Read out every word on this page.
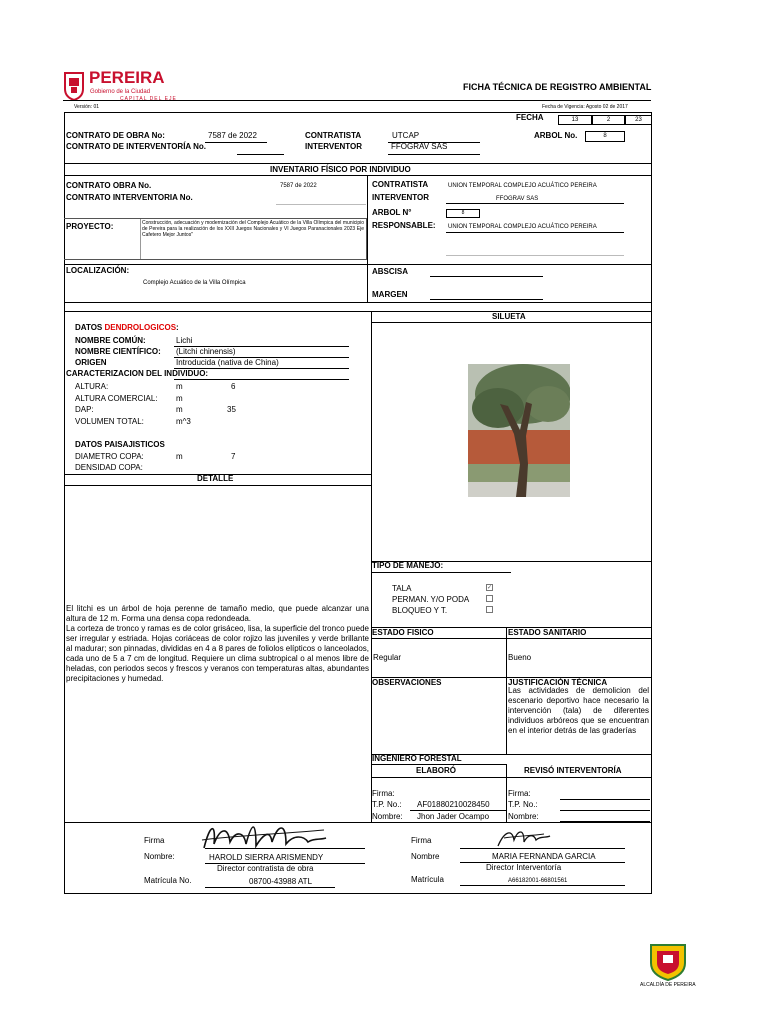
PEREIRA
Gobierno de la Ciudad
CAPITAL DEL EJE
Versión: 01
FICHA TÉCNICA DE REGISTRO AMBIENTAL
Fecha de Vigencia: Agosto 02 de 2017
FECHA	13	2	23
CONTRATO DE OBRA No:	7587 de 2022	CONTRATISTA	UTCAP	ARBOL No.	8
CONTRATO DE INTERVENTORÍA No.	INTERVENTOR	FFOGRAV SAS
INVENTARIO FÍSICO POR INDIVIDUO
CONTRATO OBRA No.	7587 de 2022
CONTRATO INTERVENTORIA No.
CONTRATISTA	UNION TEMPORAL COMPLEJO ACUÁTICO PEREIRA
INTERVENTOR	FFOGRAV SAS
ARBOL N°	8
RESPONSABLE: UNION TEMPORAL COMPLEJO ACUÁTICO PEREIRA
PROYECTO:	Construcción, adecuación y modernización del Complejo Acuático de la Villa Olímpica del municipio de Pereira para la realización de los XXII Juegos Nacionales y VI Juegos Paranacionales 2023 Eje Cafetero Mejor Juntos"
LOCALIZACIÓN:
Complejo Acuático de la Villa Olímpica
ABSCISA
MARGEN
DATOS DENDROLOGICOS:
NOMBRE COMÚN:	Lichi
NOMBRE CIENTÍFICO: (Litchi chinensis)
ORIGEN	Introducida (nativa de China)
CARACTERIZACION DEL INDIVIDUO:
ALTURA:	m	6
ALTURA COMERCIAL: m
DAP:	m	35
VOLUMEN TOTAL:	m^3
DATOS PAISAJISTICOS
DIAMETRO COPA:	m	7
DENSIDAD COPA:
DETALLE
El litchi es un árbol de hoja perenne de tamaño medio, que puede alcanzar una altura de 12 m. Forma una densa copa redondeada.
La corteza de tronco y ramas es de color grisáceo, lisa, la superficie del tronco puede ser irregular y estriada. Hojas coriáceas de color rojizo las juveniles y verde brillante al madurar; son pinnadas, divididas en 4 a 8 pares de foliolos elípticos o lanceolados, cada uno de 5 a 7 cm de longitud. Requiere un clima subtropical o al menos libre de heladas, con periodos secos y frescos y veranos con temperaturas altas, abundantes precipitaciones y humedad.
SILUETA
TIPO DE MANEJO:
TALA	✓
PERMAN. Y/O PODA
BLOQUEO Y T.
ESTADO FISICO	ESTADO SANITARIO
Regular	Bueno
OBSERVACIONES	JUSTIFICACIÓN TÉCNICA
Las actividades de demolicion del escenario deportivo hace necesario la intervención (tala) de diferentes individuos arbóreos que se encuentran en el interior detrás de las graderías
INGENIERO FORESTAL
ELABORÓ	REVISÓ INTERVENTORÍA
Firma:
T.P. No.: AF01880210028450
Nombre: Jhon Jader Ocampo
Firma:
T.P. No.:
Nombre:
Firma
Nombre:	HAROLD SIERRA ARISMENDY
Director contratista de obra
Matrícula No.	08700-43988 ATL
Firma
Nombre	MARIA FERNANDA GARCIA
Director Interventoría
Matrícula	A66182001-66801561
ALCALDÍA DE PEREIRA
